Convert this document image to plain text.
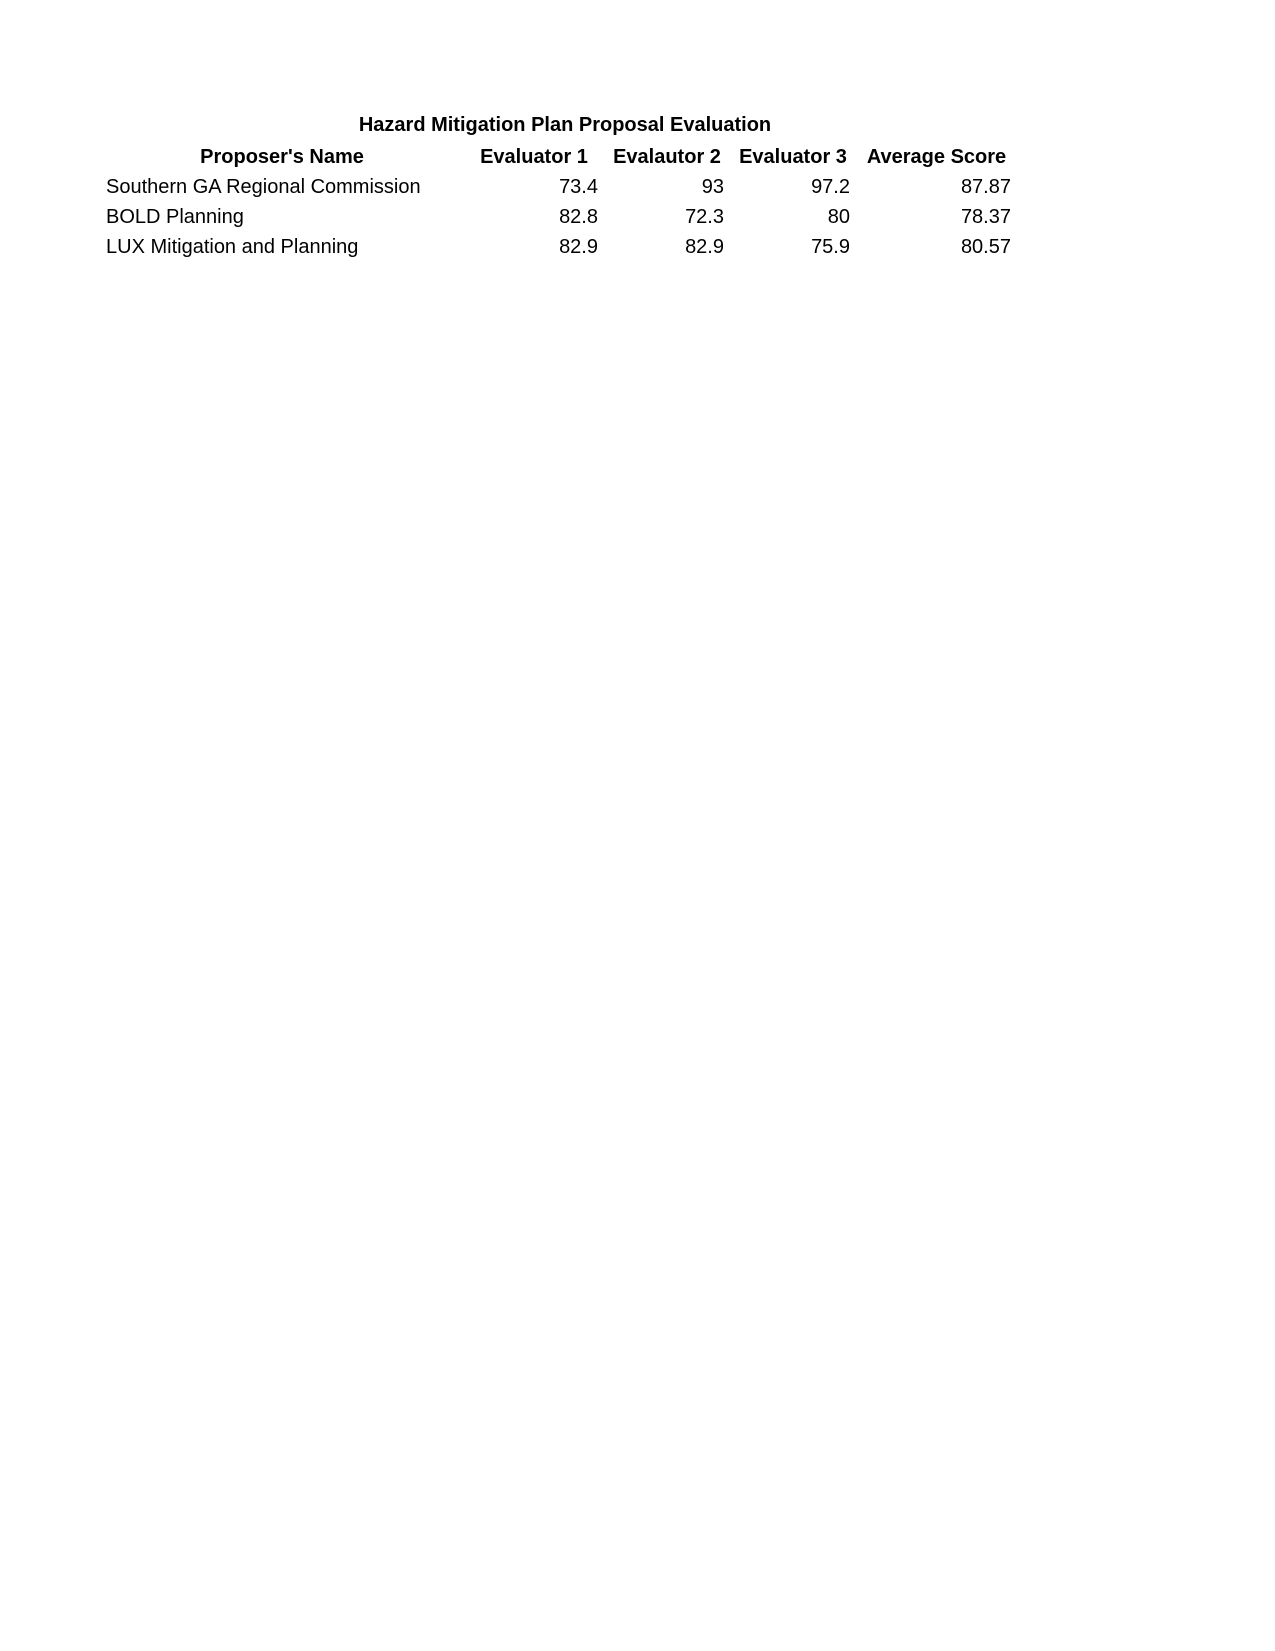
Hazard Mitigation Plan Proposal Evaluation
Proposer's Name	Evaluator 1	Evalautor 2	Evaluator 3	Average Score
Southern GA Regional Commission	73.4	93	97.2	87.87
BOLD Planning	82.8	72.3	80	78.37
LUX Mitigation and Planning	82.9	82.9	75.9	80.57
